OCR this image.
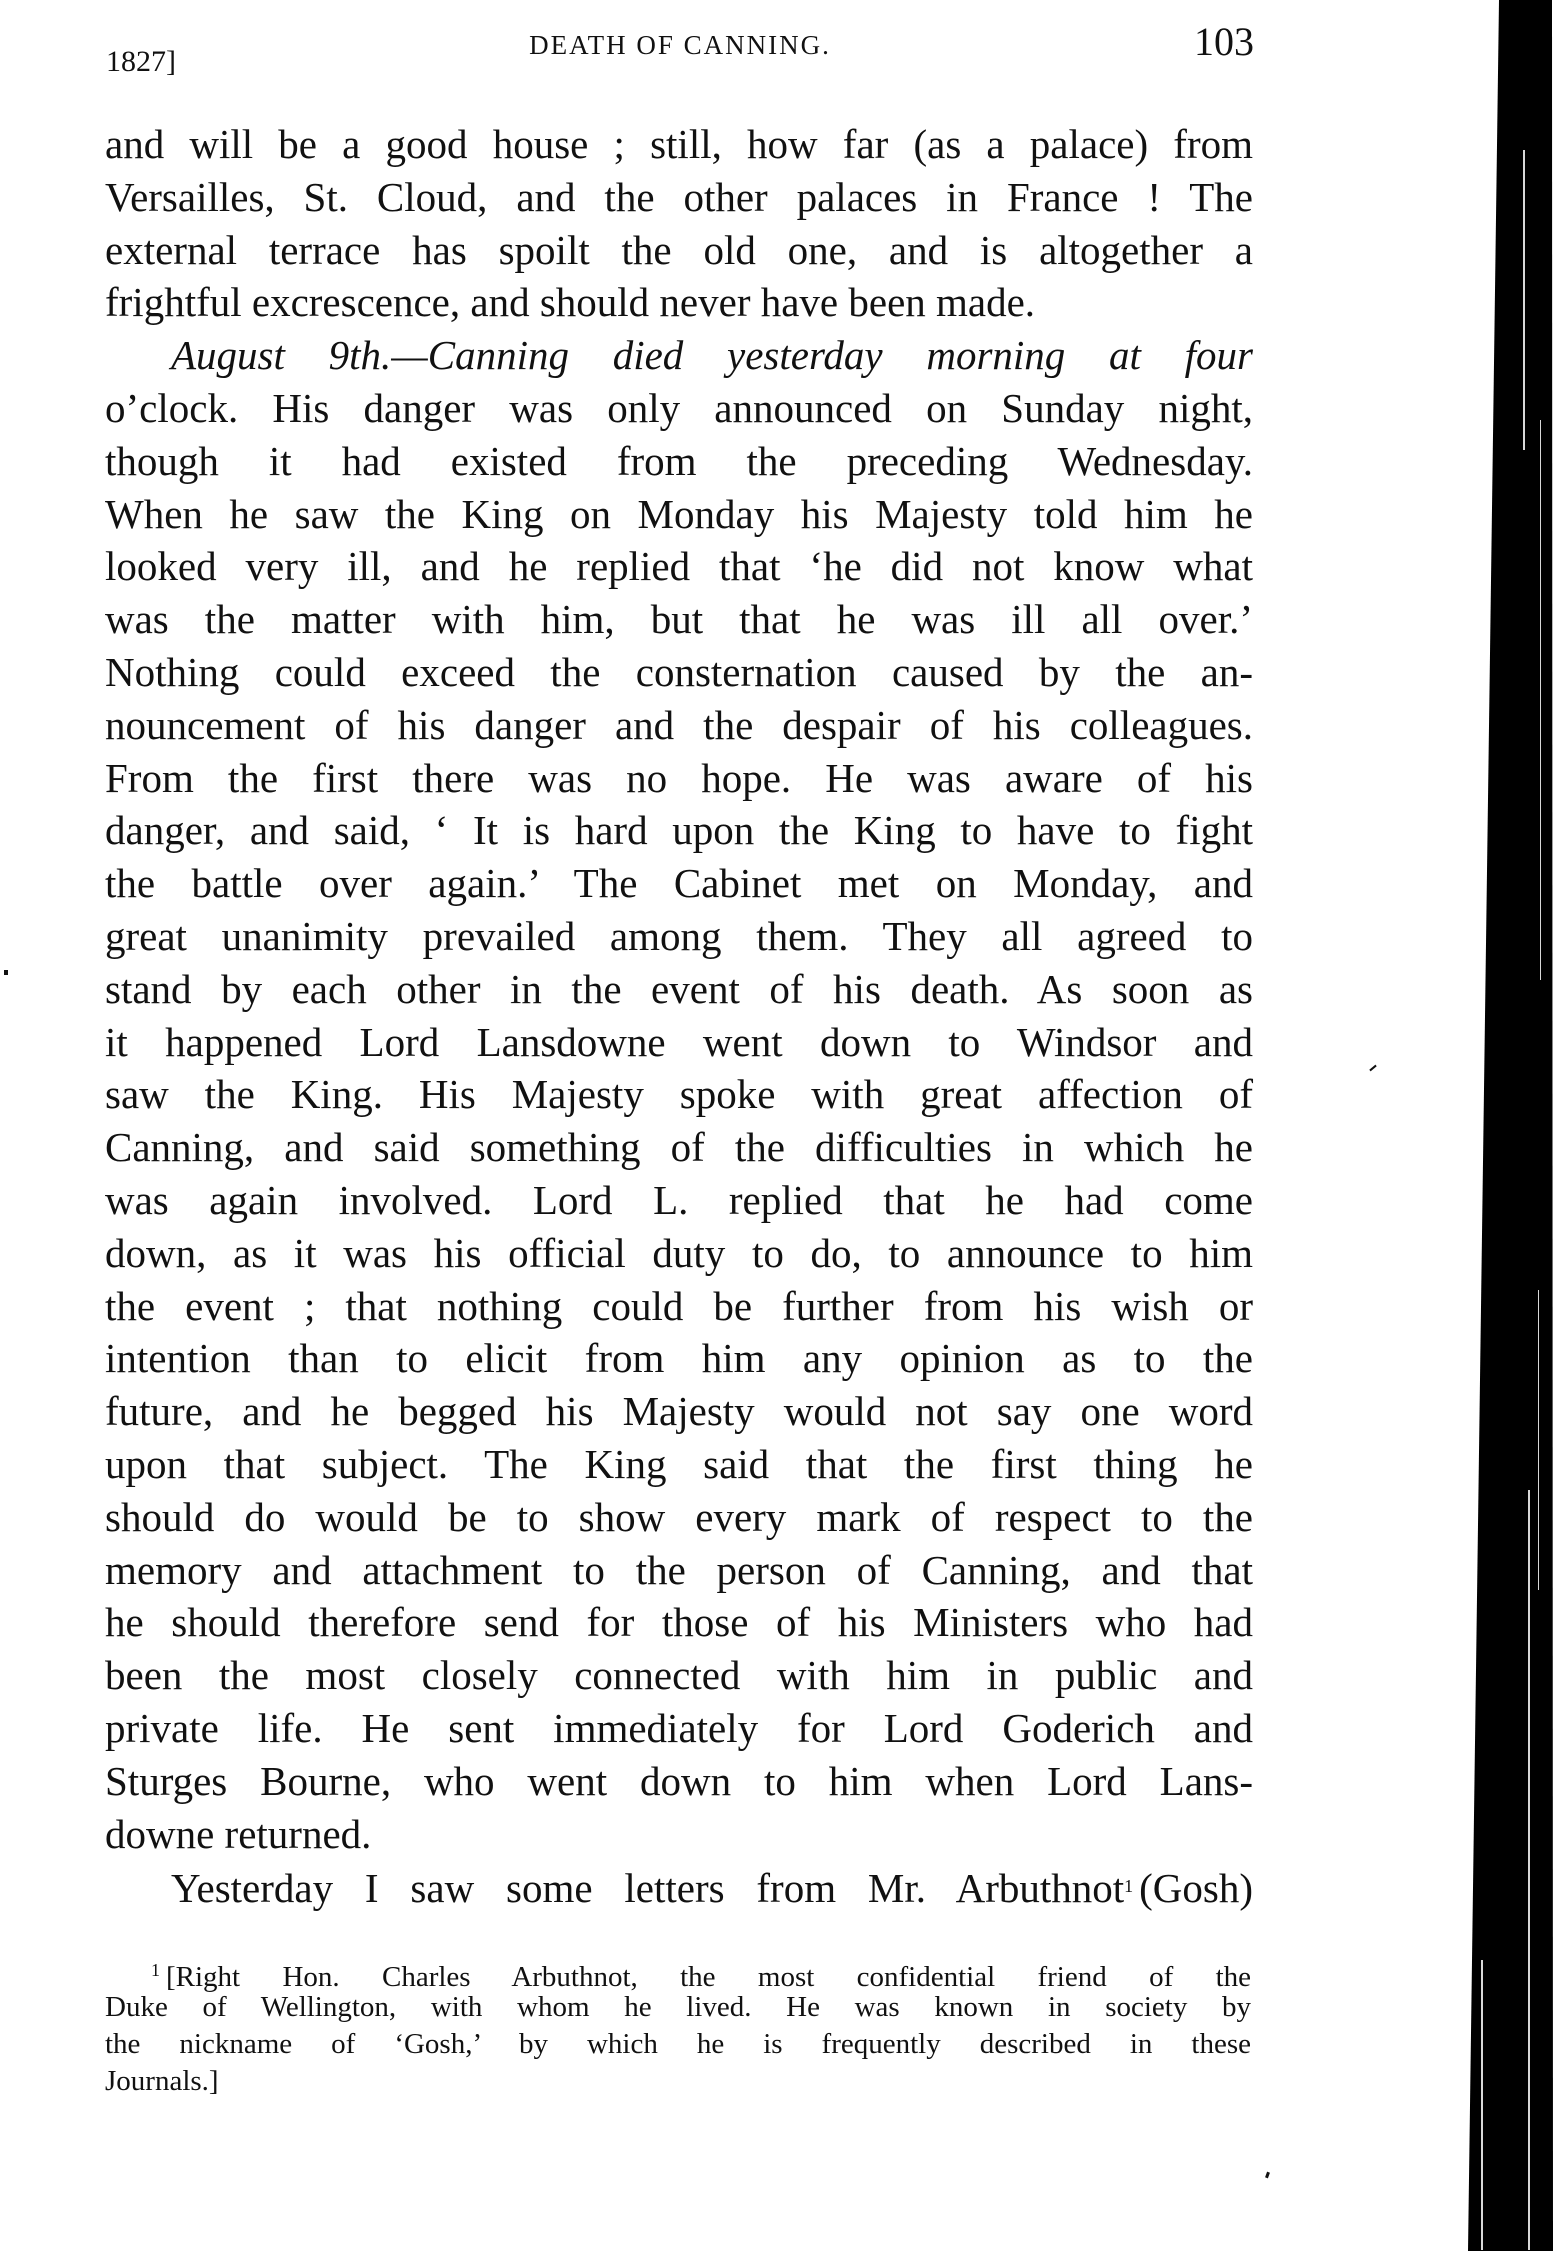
1827]	DEATH OF CANNING.	103
and will be a good house ; still, how far (as a palace) from
Versailles, St. Cloud, and the other palaces in France ! The
external terrace has spoilt the old one, and is altogether a
frightful excrescence, and should never have been made.
August 9th.—Canning died yesterday morning at four
o’clock. His danger was only announced on Sunday night,
though it had existed from the preceding Wednesday.
When he saw the King on Monday his Majesty told him he
looked very ill, and he replied that ‘he did not know what
was the matter with him, but that he was ill all over.’
Nothing could exceed the consternation caused by the an-
nouncement of his danger and the despair of his colleagues.
From the first there was no hope. He was aware of his
danger, and said, ‘ It is hard upon the King to have to fight
the battle over again.’ The Cabinet met on Monday, and
great unanimity prevailed among them. They all agreed to
stand by each other in the event of his death. As soon as
it happened Lord Lansdowne went down to Windsor and
saw the King. His Majesty spoke with great affection of
Canning, and said something of the difficulties in which he
was again involved. Lord L. replied that he had come
down, as it was his official duty to do, to announce to him
the event ; that nothing could be further from his wish or
intention than to elicit from him any opinion as to the
future, and he begged his Majesty would not say one word
upon that subject. The King said that the first thing he
should do would be to show every mark of respect to the
memory and attachment to the person of Canning, and that
he should therefore send for those of his Ministers who had
been the most closely connected with him in public and
private life. He sent immediately for Lord Goderich and
Sturges Bourne, who went down to him when Lord Lans-
downe returned.
Yesterday I saw some letters from Mr. Arbuthnot$^1$ (Gosh)
$^1$ [Right Hon. Charles Arbuthnot, the most confidential friend of the
Duke of Wellington, with whom he lived. He was known in society by
the nickname of ‘Gosh,’ by which he is frequently described in these
Journals.]
